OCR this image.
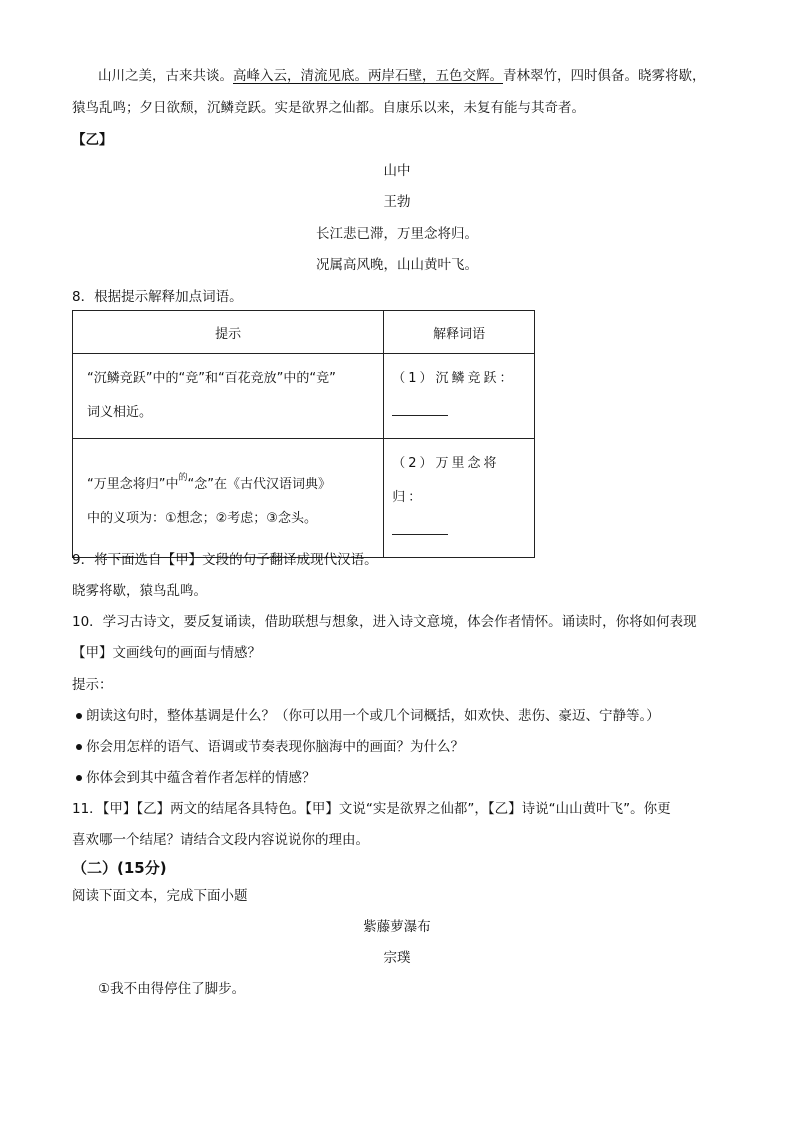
山川之美，古来共谈。高峰入云，清流见底。两岸石壁，五色交辉。青林翠竹，四时俱备。晓雾将歇，
猿鸟乱鸣；夕日欲颓，沉鳞竞跃。实是欲界之仙都。自康乐以来，未复有能与其奇者。
【乙】
山中
王勃
长江悲已滞，万里念将归。
况属高风晚，山山黄叶飞。
8．根据提示解释加点词语。
提示	解释词语

“沉鳞竞跃”中的“竞”和“百花竞放”中的“竞”
词义相近。	（1）沉鳞竞跃：

“万里念将归”中$^的$“念”在《古代汉语词典》
中的义项为：①想念；②考虑；③念头。	（2）万里念将归：
9．将下面选自【甲】文段的句子翻译成现代汉语。
晓雾将歇，猿鸟乱鸣。
10．学习古诗文，要反复诵读，借助联想与想象，进入诗文意境，体会作者情怀。诵读时，你将如何表现
【甲】文画线句的画面与情感？
提示：
朗读这句时，整体基调是什么？（你可以用一个或几个词概括，如欢快、悲伤、豪迈、宁静等。）
你会用怎样的语气、语调或节奏表现你脑海中的画面？为什么？
你体会到其中蕴含着作者怎样的情感？
11．【甲】【乙】两文的结尾各具特色。【甲】文说“实是欲界之仙都”，【乙】诗说“山山黄叶飞”。你更
喜欢哪一个结尾？请结合文段内容说说你的理由。
（二）(15分)
阅读下面文本，完成下面小题
紫藤萝瀑布
宗璞
①我不由得停住了脚步。
